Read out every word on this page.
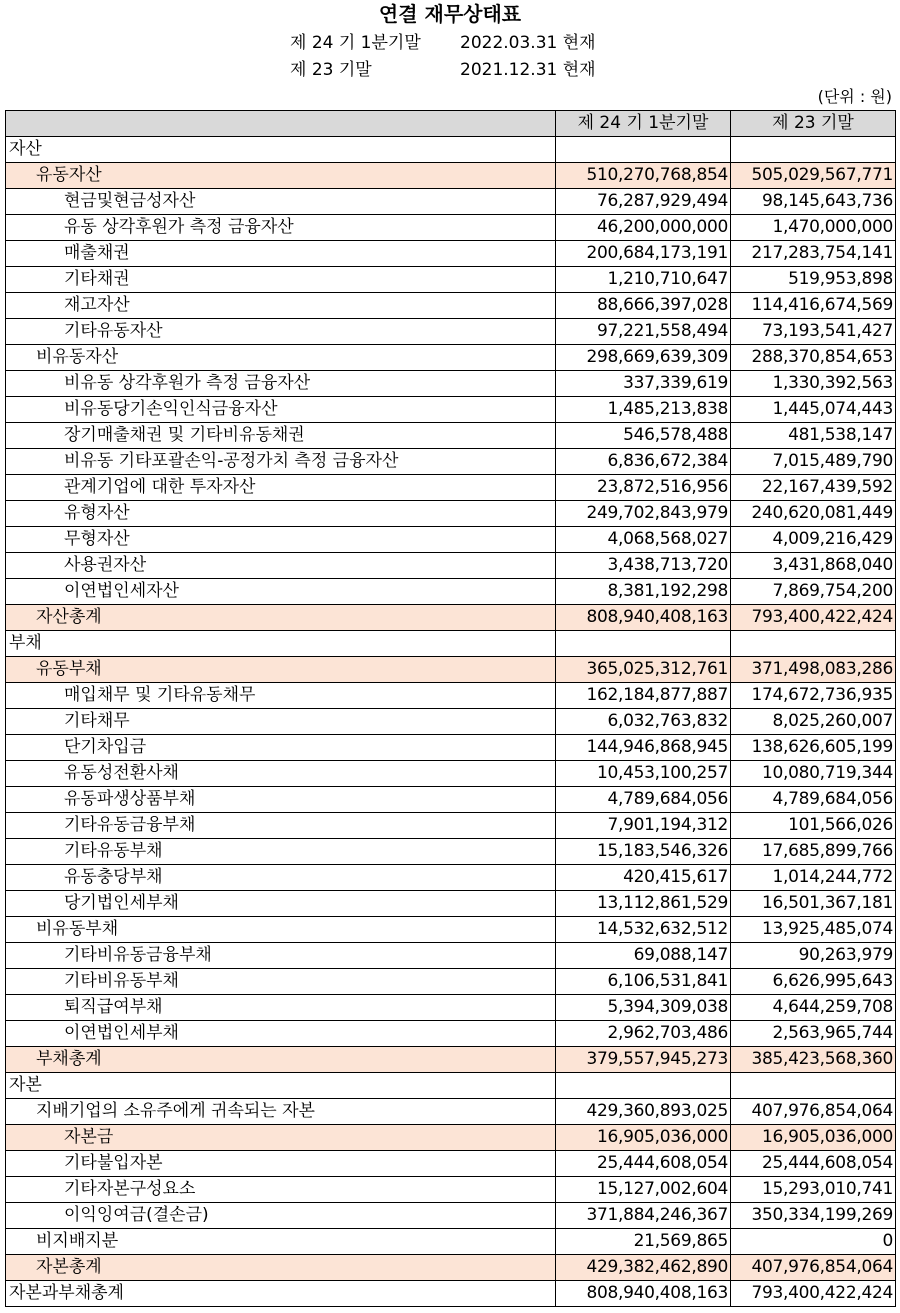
연결 재무상태표
제 24 기 1분기말 2022.03.31 현재
제 23 기말	2021.12.31 현재
(단위 : 원)
	제 24 기 1분기말	제 23 기말
자산		
유동자산	510,270,768,854	505,029,567,771
현금및현금성자산	76,287,929,494	98,145,643,736
유동 상각후원가 측정 금융자산	46,200,000,000	1,470,000,000
매출채권	200,684,173,191	217,283,754,141
기타채권	1,210,710,647	519,953,898
재고자산	88,666,397,028	114,416,674,569
기타유동자산	97,221,558,494	73,193,541,427
비유동자산	298,669,639,309	288,370,854,653
비유동 상각후원가 측정 금융자산	337,339,619	1,330,392,563
비유동당기손익인식금융자산	1,485,213,838	1,445,074,443
장기매출채권 및 기타비유동채권	546,578,488	481,538,147
비유동 기타포괄손익-공정가치 측정 금융자산	6,836,672,384	7,015,489,790
관계기업에 대한 투자자산	23,872,516,956	22,167,439,592
유형자산	249,702,843,979	240,620,081,449
무형자산	4,068,568,027	4,009,216,429
사용권자산	3,438,713,720	3,431,868,040
이연법인세자산	8,381,192,298	7,869,754,200
자산총계	808,940,408,163	793,400,422,424
부채		
유동부채	365,025,312,761	371,498,083,286
매입채무 및 기타유동채무	162,184,877,887	174,672,736,935
기타채무	6,032,763,832	8,025,260,007
단기차입금	144,946,868,945	138,626,605,199
유동성전환사채	10,453,100,257	10,080,719,344
유동파생상품부채	4,789,684,056	4,789,684,056
기타유동금융부채	7,901,194,312	101,566,026
기타유동부채	15,183,546,326	17,685,899,766
유동충당부채	420,415,617	1,014,244,772
당기법인세부채	13,112,861,529	16,501,367,181
비유동부채	14,532,632,512	13,925,485,074
기타비유동금융부채	69,088,147	90,263,979
기타비유동부채	6,106,531,841	6,626,995,643
퇴직급여부채	5,394,309,038	4,644,259,708
이연법인세부채	2,962,703,486	2,563,965,744
부채총계	379,557,945,273	385,423,568,360
자본		
지배기업의 소유주에게 귀속되는 자본	429,360,893,025	407,976,854,064
자본금	16,905,036,000	16,905,036,000
기타불입자본	25,444,608,054	25,444,608,054
기타자본구성요소	15,127,002,604	15,293,010,741
이익잉여금(결손금)	371,884,246,367	350,334,199,269
비지배지분	21,569,865	0
자본총계	429,382,462,890	407,976,854,064
자본과부채총계	808,940,408,163	793,400,422,424
